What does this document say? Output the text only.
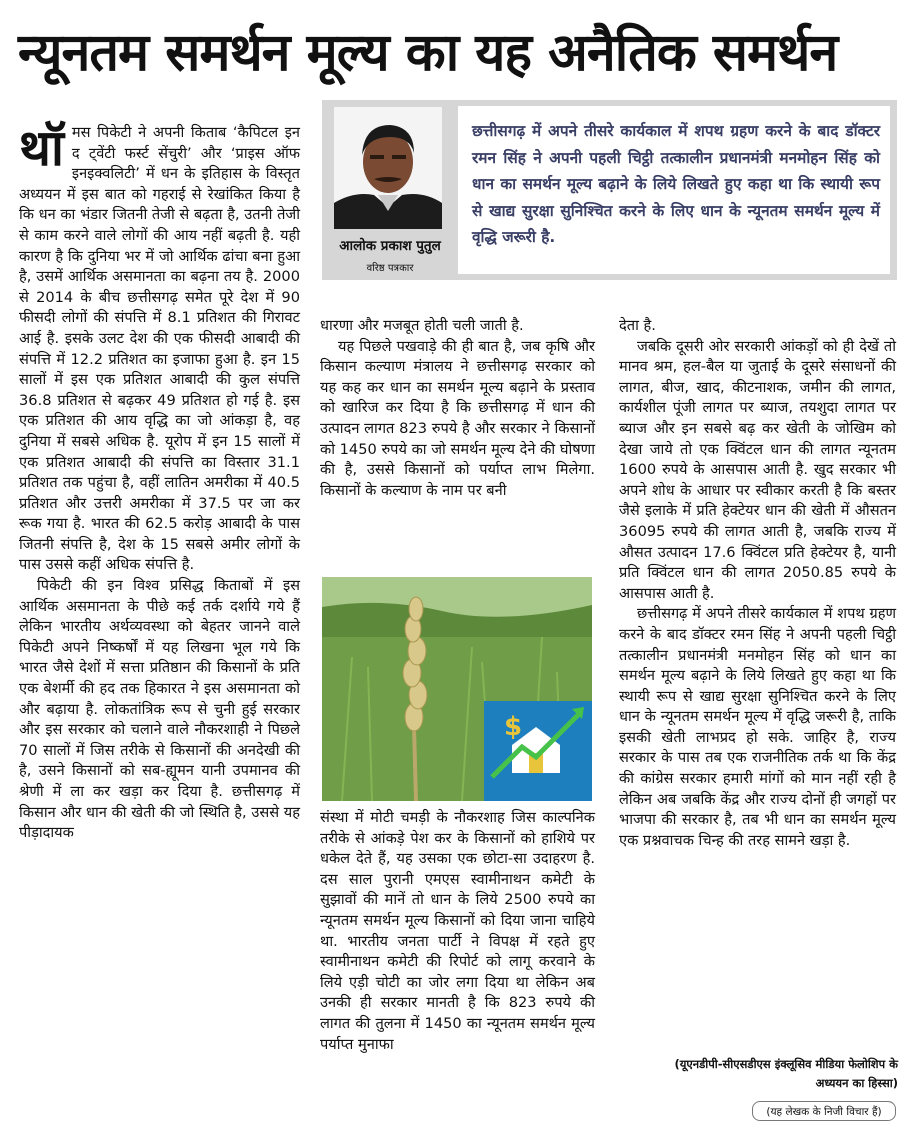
न्यूनतम समर्थन मूल्य का यह अनैतिक समर्थन
आलोक प्रकाश पुतुल
वरिष्ठ पत्रकार
छत्तीसगढ़ में अपने तीसरे कार्यकाल में शपथ ग्रहण करने के बाद डॉक्टर रमन सिंह ने अपनी पहली चिट्ठी तत्कालीन प्रधानमंत्री मनमोहन सिंह को धान का समर्थन मूल्य बढ़ाने के लिये लिखते हुए कहा था कि स्थायी रूप से खाद्य सुरक्षा सुनिश्चित करने के लिए धान के न्यूनतम समर्थन मूल्य में वृद्धि जरूरी है.

थॉमस पिकेटी ने अपनी किताब ‘कैपिटल इन द ट्वेंटी फर्स्ट सेंचुरी’ और ‘प्राइस ऑफ इनइक्वलिटी’ में धन के इतिहास के विस्तृत अध्ययन में इस बात को गहराई से रेखांकित किया है कि धन का भंडार जितनी तेजी से बढ़ता है, उतनी तेजी से काम करने वाले लोगों की आय नहीं बढ़ती है. यही कारण है कि दुनिया भर में जो आर्थिक ढांचा बना हुआ है, उसमें आर्थिक असमानता का बढ़ना तय है. 2000 से 2014 के बीच छत्तीसगढ़ समेत पूरे देश में 90 फीसदी लोगों की संपत्ति में 8.1 प्रतिशत की गिरावट आई है. इसके उलट देश की एक फीसदी आबादी की संपत्ति में 12.2 प्रतिशत का इजाफा हुआ है. इन 15 सालों में इस एक प्रतिशत आबादी की कुल संपत्ति 36.8 प्रतिशत से बढ़कर 49 प्रतिशत हो गई है. इस एक प्रतिशत की आय वृद्धि का जो आंकड़ा है, वह दुनिया में सबसे अधिक है. यूरोप में इन 15 सालों में एक प्रतिशत आबादी की संपत्ति का विस्तार 31.1 प्रतिशत तक पहुंचा है, वहीं लातिन अमरीका में 40.5 प्रतिशत और उत्तरी अमरीका में 37.5 पर जा कर रूक गया है. भारत की 62.5 करोड़ आबादी के पास जितनी संपत्ति है, देश के 15 सबसे अमीर लोगों के पास उससे कहीं अधिक संपत्ति है.

पिकेटी की इन विश्व प्रसिद्ध किताबों में इस आर्थिक असमानता के पीछे कई तर्क दर्शाये गये हैं लेकिन भारतीय अर्थव्यवस्था को बेहतर जानने वाले पिकेटी अपने निष्कर्षों में यह लिखना भूल गये कि भारत जैसे देशों में सत्ता प्रतिष्ठान की किसानों के प्रति एक बेशर्मी की हद तक हिकारत ने इस असमानता को और बढ़ाया है. लोकतांत्रिक रूप से चुनी हुई सरकार और इस सरकार को चलाने वाले नौकरशाही ने पिछले 70 सालों में जिस तरीके से किसानों की अनदेखी की है, उसने किसानों को सब-ह्यूमन यानी उपमानव की श्रेणी में ला कर खड़ा कर दिया है. छत्तीसगढ़ में किसान और धान की खेती की जो स्थिति है, उससे यह पीड़ादायक

धारणा और मजबूत होती चली जाती है.

यह पिछले पखवाड़े की ही बात है, जब कृषि और किसान कल्याण मंत्रालय ने छत्तीसगढ़ सरकार को यह कह कर धान का समर्थन मूल्य बढ़ाने के प्रस्ताव को खारिज कर दिया है कि छत्तीसगढ़ में धान की उत्पादन लागत 823 रुपये है और सरकार ने किसानों को 1450 रुपये का जो समर्थन मूल्य देने की घोषणा की है, उससे किसानों को पर्याप्त लाभ मिलेगा. किसानों के कल्याण के नाम पर बनी

$

संस्था में मोटी चमड़ी के नौकरशाह जिस काल्पनिक तरीके से आंकड़े पेश कर के किसानों को हाशिये पर धकेल देते हैं, यह उसका एक छोटा-सा उदाहरण है. दस साल पुरानी एमएस स्वामीनाथन कमेटी के सुझावों की मानें तो धान के लिये 2500 रुपये का न्यूनतम समर्थन मूल्य किसानों को दिया जाना चाहिये था. भारतीय जनता पार्टी ने विपक्ष में रहते हुए स्वामीनाथन कमेटी की रिपोर्ट को लागू करवाने के लिये एड़ी चोटी का जोर लगा दिया था लेकिन अब उनकी ही सरकार मानती है कि 823 रुपये की लागत की तुलना में 1450 का न्यूनतम समर्थन मूल्य पर्याप्त मुनाफा

देता है.

जबकि दूसरी ओर सरकारी आंकड़ों को ही देखें तो मानव श्रम, हल-बैल या जुताई के दूसरे संसाधनों की लागत, बीज, खाद, कीटनाशक, जमीन की लागत, कार्यशील पूंजी लागत पर ब्याज, तयशुदा लागत पर ब्याज और इन सबसे बढ़ कर खेती के जोखिम को देखा जाये तो एक क्विंटल धान की लागत न्यूनतम 1600 रुपये के आसपास आती है. खुद सरकार भी अपने शोध के आधार पर स्वीकार करती है कि बस्तर जैसे इलाके में प्रति हेक्टेयर धान की खेती में औसतन 36095 रुपये की लागत आती है, जबकि राज्य में औसत उत्पादन 17.6 क्विंटल प्रति हेक्टेयर है, यानी प्रति क्विंटल धान की लागत 2050.85 रुपये के आसपास आती है.

छत्तीसगढ़ में अपने तीसरे कार्यकाल में शपथ ग्रहण करने के बाद डॉक्टर रमन सिंह ने अपनी पहली चिट्ठी तत्कालीन प्रधानमंत्री मनमोहन सिंह को धान का समर्थन मूल्य बढ़ाने के लिये लिखते हुए कहा था कि स्थायी रूप से खाद्य सुरक्षा सुनिश्चित करने के लिए धान के न्यूनतम समर्थन मूल्य में वृद्धि जरूरी है, ताकि इसकी खेती लाभप्रद हो सके. जाहिर है, राज्य सरकार के पास तब एक राजनीतिक तर्क था कि केंद्र की कांग्रेस सरकार हमारी मांगों को मान नहीं रही है लेकिन अब जबकि केंद्र और राज्य दोनों ही जगहों पर भाजपा की सरकार है, तब भी धान का समर्थन मूल्य एक प्रश्नवाचक चिन्ह की तरह सामने खड़ा है.

(यूएनडीपी-सीएसडीएस इंक्लूसिव मीडिया फेलोशिप के अध्ययन का हिस्सा)
(यह लेखक के निजी विचार हैं)
